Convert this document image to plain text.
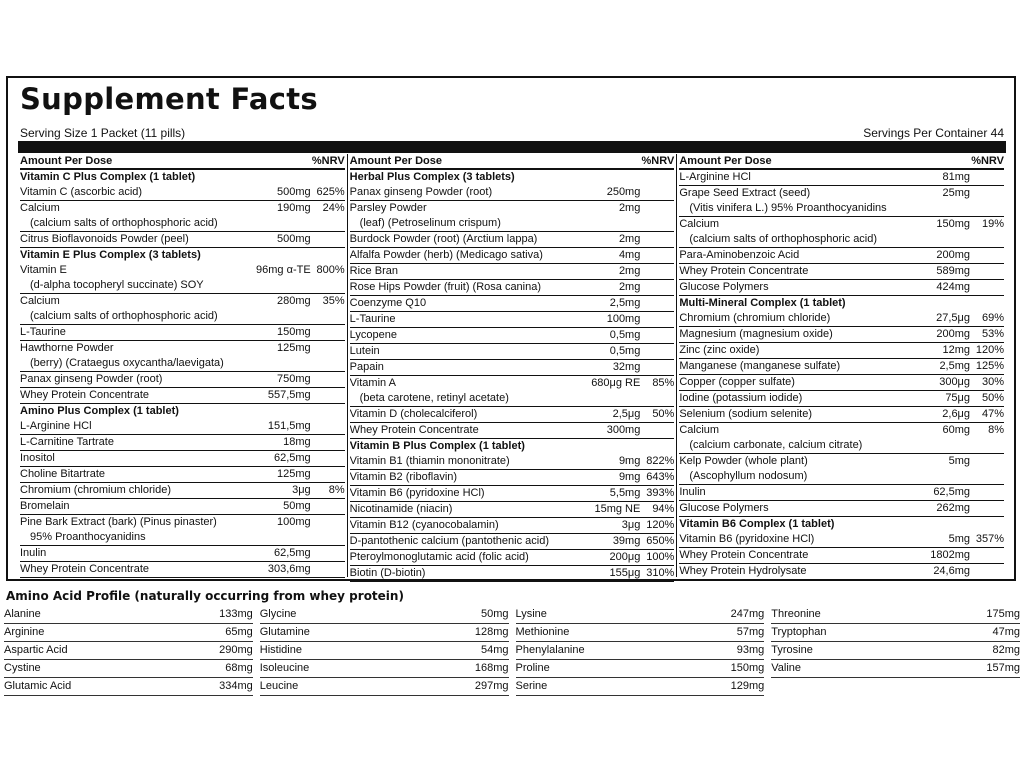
Supplement Facts
Serving Size 1 Packet (11 pills)	Servings Per Container 44
Amount Per Dose	%NRV
Vitamin C Plus Complex (1 tablet)
Vitamin C (ascorbic acid)	500mg 625%
Calcium	190mg	24%
(calcium salts of orthophosphoric acid)
Citrus Bioflavonoids Powder (peel)	500mg
Vitamin E Plus Complex (3 tablets)
Vitamin E	96mg α-TE 800%
(d-alpha tocopheryl succinate) SOY
Calcium	280mg	35%
(calcium salts of orthophosphoric acid)
L-Taurine	150mg
Hawthorne Powder	125mg
(berry) (Crataegus oxycantha/laevigata)
Panax ginseng Powder (root)	750mg
Whey Protein Concentrate	557,5mg
Amino Plus Complex (1 tablet)
L-Arginine HCl	151,5mg
L-Carnitine Tartrate	18mg
Inositol	62,5mg
Choline Bitartrate	125mg
Chromium (chromium chloride)	3μg	8%
Bromelain	50mg
Pine Bark Extract (bark) (Pinus pinaster)	100mg
95% Proanthocyanidins
Inulin	62,5mg
Whey Protein Concentrate	303,6mg
Amount Per Dose	%NRV
Herbal Plus Complex (3 tablets)
Panax ginseng Powder (root)	250mg
Parsley Powder	2mg
(leaf) (Petroselinum crispum)
Burdock Powder (root) (Arctium lappa)	2mg
Alfalfa Powder (herb) (Medicago sativa)	4mg
Rice Bran	2mg
Rose Hips Powder (fruit) (Rosa canina)	2mg
Coenzyme Q10	2,5mg
L-Taurine	100mg
Lycopene	0,5mg
Lutein	0,5mg
Papain	32mg
Vitamin A	680μg RE	85%
(beta carotene, retinyl acetate)
Vitamin D (cholecalciferol)	2,5μg	50%
Whey Protein Concentrate	300mg
Vitamin B Plus Complex (1 tablet)
Vitamin B1 (thiamin mononitrate)	9mg 822%
Vitamin B2 (riboflavin)	9mg 643%
Vitamin B6 (pyridoxine HCl)	5,5mg 393%
Nicotinamide (niacin)	15mg NE	94%
Vitamin B12 (cyanocobalamin)	3μg 120%
D-pantothenic calcium (pantothenic acid)	39mg 650%
Pteroylmonoglutamic acid (folic acid)	200μg 100%
Biotin (D-biotin)	155μg 310%
Amount Per Dose	%NRV
L-Arginine HCl	81mg
Grape Seed Extract (seed)	25mg
(Vitis vinifera L.) 95% Proanthocyanidins
Calcium	150mg	19%
(calcium salts of orthophosphoric acid)
Para-Aminobenzoic Acid	200mg
Whey Protein Concentrate	589mg
Glucose Polymers	424mg
Multi-Mineral Complex (1 tablet)
Chromium (chromium chloride)	27,5μg	69%
Magnesium (magnesium oxide)	200mg	53%
Zinc (zinc oxide)	12mg 120%
Manganese (manganese sulfate)	2,5mg 125%
Copper (copper sulfate)	300μg	30%
Iodine (potassium iodide)	75μg	50%
Selenium (sodium selenite)	2,6μg	47%
Calcium	60mg	8%
(calcium carbonate, calcium citrate)
Kelp Powder (whole plant)	5mg
(Ascophyllum nodosum)
Inulin	62,5mg
Glucose Polymers	262mg
Vitamin B6 Complex (1 tablet)
Vitamin B6 (pyridoxine HCl)	5mg 357%
Whey Protein Concentrate	1802mg
Whey Protein Hydrolysate	24,6mg
Amino Acid Profile (naturally occurring from whey protein)
Alanine	133mg
Arginine	65mg
Aspartic Acid	290mg
Cystine	68mg
Glutamic Acid	334mg
Glycine	50mg
Glutamine	128mg
Histidine	54mg
Isoleucine	168mg
Leucine	297mg
Lysine	247mg
Methionine	57mg
Phenylalanine	93mg
Proline	150mg
Serine	129mg
Threonine	175mg
Tryptophan	47mg
Tyrosine	82mg
Valine	157mg
